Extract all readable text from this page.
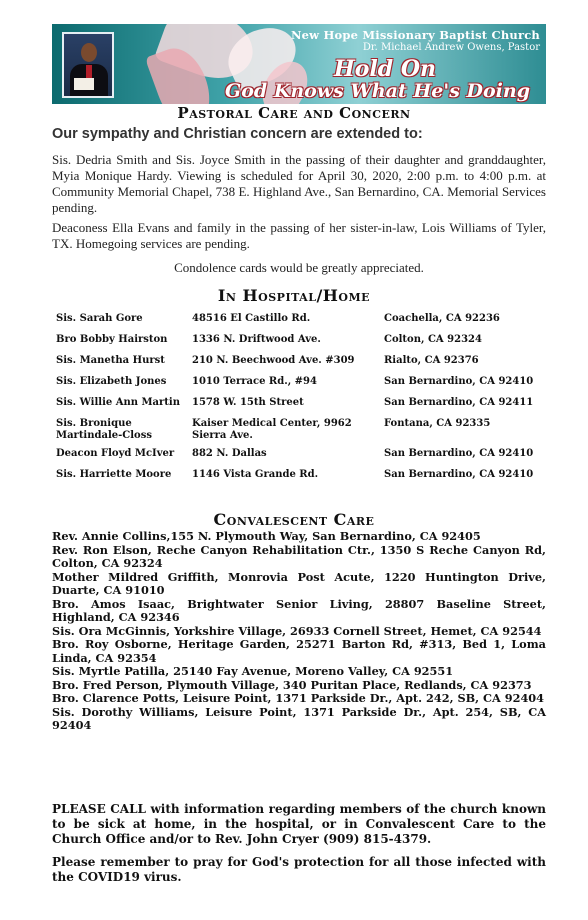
New Hope Missionary Baptist Church
Dr. Michael Andrew Owens, Pastor
Hold On
God Knows What He's Doing
Pastoral Care and Concern
Our sympathy and Christian concern are extended to:
Sis. Dedria Smith and Sis. Joyce Smith in the passing of their daughter and granddaughter, Myia Monique Hardy. Viewing is scheduled for April 30, 2020, 2:00 p.m. to 4:00 p.m. at Community Memorial Chapel, 738 E. Highland Ave., San Bernardino, CA. Memorial Services pending.
Deaconess Ella Evans and family in the passing of her sister-in-law, Lois Williams of Tyler, TX. Homegoing services are pending.
Condolence cards would be greatly appreciated.
In Hospital/Home
Sis. Sarah Gore	48516 El Castillo Rd.	Coachella, CA 92236
Bro Bobby Hairston	1336 N. Driftwood Ave.	Colton, CA 92324
Sis. Manetha Hurst	210 N. Beechwood Ave. #309	Rialto, CA 92376
Sis. Elizabeth Jones	1010 Terrace Rd., #94	San Bernardino, CA 92410
Sis. Willie Ann Martin	1578 W. 15th Street	San Bernardino, CA 92411
Sis. Bronique Martindale-Closs	Kaiser Medical Center, 9962 Sierra Ave.	Fontana, CA 92335
Deacon Floyd McIver	882 N. Dallas	San Bernardino, CA 92410
Sis. Harriette Moore	1146 Vista Grande Rd.	San Bernardino, CA 92410
Convalescent Care
Rev. Annie Collins,155 N. Plymouth Way, San Bernardino, CA 92405
Rev. Ron Elson, Reche Canyon Rehabilitation Ctr., 1350 S Reche Canyon Rd, Colton, CA 92324
Mother Mildred Griffith, Monrovia Post Acute, 1220 Huntington Drive, Duarte, CA 91010
Bro. Amos Isaac, Brightwater Senior Living, 28807 Baseline Street, Highland, CA 92346
Sis. Ora McGinnis, Yorkshire Village, 26933 Cornell Street, Hemet, CA 92544
Bro. Roy Osborne, Heritage Garden, 25271 Barton Rd, #313, Bed 1, Loma Linda, CA 92354
Sis. Myrtle Patilla, 25140 Fay Avenue, Moreno Valley, CA 92551
Bro. Fred Person, Plymouth Village, 340 Puritan Place, Redlands, CA 92373
Bro. Clarence Potts, Leisure Point, 1371 Parkside Dr., Apt. 242, SB, CA 92404
Sis. Dorothy Williams, Leisure Point, 1371 Parkside Dr., Apt. 254, SB, CA 92404
PLEASE CALL with information regarding members of the church known to be sick at home, in the hospital, or in Convalescent Care to the Church Office and/or to Rev. John Cryer (909) 815-4379.
Please remember to pray for God's protection for all those infected with the COVID19 virus.
